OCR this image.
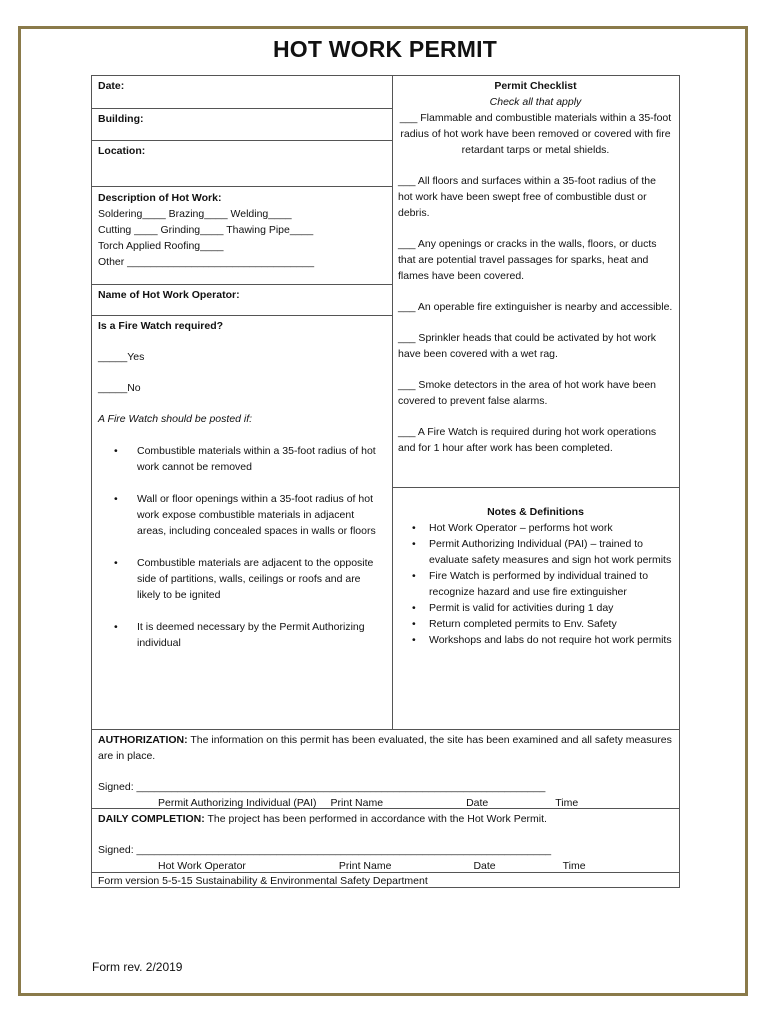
HOT WORK PERMIT
Date:
Building:
Location:

Description of Hot Work:

Soldering____ Brazing____ Welding____

Cutting ____ Grinding____ Thawing Pipe____

Torch Applied Roofing____

Other ________________________________

Name of Hot Work Operator:

Is a Fire Watch required?

_____Yes

_____No

A Fire Watch should be posted if:

• Combustible materials within a 35-foot radius of hot work cannot be removed
• Wall or floor openings within a 35-foot radius of hot work expose combustible materials in adjacent areas, including concealed spaces in walls or floors
• Combustible materials are adjacent to the opposite side of partitions, walls, ceilings or roofs and are likely to be ignited
• It is deemed necessary by the Permit Authorizing individual

Permit Checklist

Check all that apply

___ Flammable and combustible materials within a 35-foot radius of hot work have been removed or covered with fire retardant tarps or metal shields.

___ All floors and surfaces within a 35-foot radius of the hot work have been swept free of combustible dust or debris.

___ Any openings or cracks in the walls, floors, or ducts that are potential travel passages for sparks, heat and flames have been covered.

___ An operable fire extinguisher is nearby and accessible.

___ Sprinkler heads that could be activated by hot work have been covered with a wet rag.

___ Smoke detectors in the area of hot work have been covered to prevent false alarms.

___ A Fire Watch is required during hot work operations and for 1 hour after work has been completed.

Notes & Definitions

• Hot Work Operator – performs hot work
• Permit Authorizing Individual (PAI) – trained to evaluate safety measures and sign hot work permits
• Fire Watch is performed by individual trained to recognize hazard and use fire extinguisher
• Permit is valid for activities during 1 day
• Return completed permits to Env. Safety
• Workshops and labs do not require hot work permits

AUTHORIZATION: The information on this permit has been evaluated, the site has been examined and all safety measures are in place.

Signed: ______________________________________________________________________

Permit Authorizing Individual (PAI) Print Name	Date	Time

DAILY COMPLETION: The project has been performed in accordance with the Hot Work Permit.

Signed: _______________________________________________________________________

Hot Work Operator	Print Name	Date	Time
Form version 5-5-15 Sustainability & Environmental Safety Department
Form rev. 2/2019
